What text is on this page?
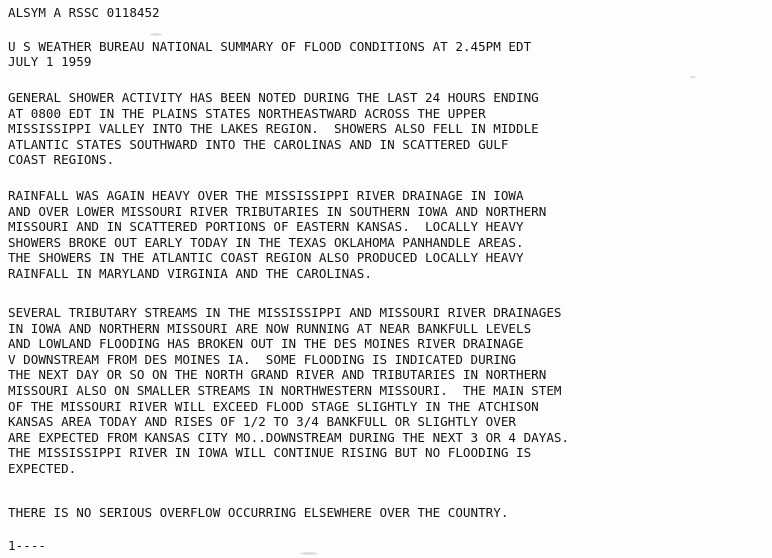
ALSYM A RSSC 0118452
U S WEATHER BUREAU NATIONAL SUMMARY OF FLOOD CONDITIONS AT 2.45PM EDT
JULY 1 1959
GENERAL SHOWER ACTIVITY HAS BEEN NOTED DURING THE LAST 24 HOURS ENDING
AT 0800 EDT IN THE PLAINS STATES NORTHEASTWARD ACROSS THE UPPER
MISSISSIPPI VALLEY INTO THE LAKES REGION.  SHOWERS ALSO FELL IN MIDDLE
ATLANTIC STATES SOUTHWARD INTO THE CAROLINAS AND IN SCATTERED GULF
COAST REGIONS.
RAINFALL WAS AGAIN HEAVY OVER THE MISSISSIPPI RIVER DRAINAGE IN IOWA
AND OVER LOWER MISSOURI RIVER TRIBUTARIES IN SOUTHERN IOWA AND NORTHERN
MISSOURI AND IN SCATTERED PORTIONS OF EASTERN KANSAS.  LOCALLY HEAVY
SHOWERS BROKE OUT EARLY TODAY IN THE TEXAS OKLAHOMA PANHANDLE AREAS.
THE SHOWERS IN THE ATLANTIC COAST REGION ALSO PRODUCED LOCALLY HEAVY
RAINFALL IN MARYLAND VIRGINIA AND THE CAROLINAS.
SEVERAL TRIBUTARY STREAMS IN THE MISSISSIPPI AND MISSOURI RIVER DRAINAGES
IN IOWA AND NORTHERN MISSOURI ARE NOW RUNNING AT NEAR BANKFULL LEVELS
AND LOWLAND FLOODING HAS BROKEN OUT IN THE DES MOINES RIVER DRAINAGE
V DOWNSTREAM FROM DES MOINES IA.  SOME FLOODING IS INDICATED DURING
THE NEXT DAY OR SO ON THE NORTH GRAND RIVER AND TRIBUTARIES IN NORTHERN
MISSOURI ALSO ON SMALLER STREAMS IN NORTHWESTERN MISSOURI.  THE MAIN STEM
OF THE MISSOURI RIVER WILL EXCEED FLOOD STAGE SLIGHTLY IN THE ATCHISON
KANSAS AREA TODAY AND RISES OF 1/2 TO 3/4 BANKFULL OR SLIGHTLY OVER
ARE EXPECTED FROM KANSAS CITY MO..DOWNSTREAM DURING THE NEXT 3 OR 4 DAYAS.
THE MISSISSIPPI RIVER IN IOWA WILL CONTINUE RISING BUT NO FLOODING IS
EXPECTED.
THERE IS NO SERIOUS OVERFLOW OCCURRING ELSEWHERE OVER THE COUNTRY.
1----
